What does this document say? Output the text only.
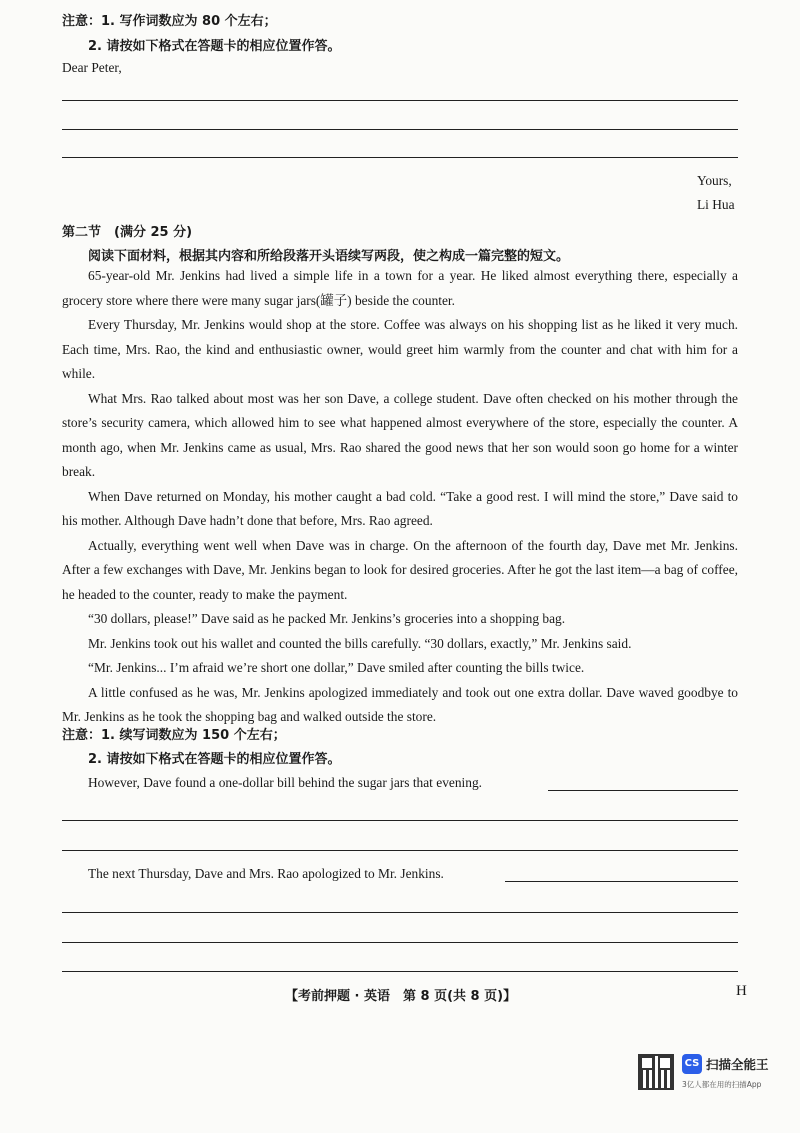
注意：1. 写作词数应为 80 个左右；
2. 请按如下格式在答题卡的相应位置作答。
Dear Peter,
Yours,
Li Hua
第二节　(满分 25 分)
阅读下面材料，根据其内容和所给段落开头语续写两段，使之构成一篇完整的短文。

65-year-old Mr. Jenkins had lived a simple life in a town for a year. He liked almost everything there, especially a grocery store where there were many sugar jars(罐子) beside the counter.

Every Thursday, Mr. Jenkins would shop at the store. Coffee was always on his shopping list as he liked it very much. Each time, Mrs. Rao, the kind and enthusiastic owner, would greet him warmly from the counter and chat with him for a while.

What Mrs. Rao talked about most was her son Dave, a college student. Dave often checked on his mother through the store’s security camera, which allowed him to see what happened almost everywhere of the store, especially the counter. A month ago, when Mr. Jenkins came as usual, Mrs. Rao shared the good news that her son would soon go home for a winter break.

When Dave returned on Monday, his mother caught a bad cold. “Take a good rest. I will mind the store,” Dave said to his mother. Although Dave hadn’t done that before, Mrs. Rao agreed.

Actually, everything went well when Dave was in charge. On the afternoon of the fourth day, Dave met Mr. Jenkins. After a few exchanges with Dave, Mr. Jenkins began to look for desired groceries. After he got the last item—a bag of coffee, he headed to the counter, ready to make the payment.

“30 dollars, please!” Dave said as he packed Mr. Jenkins’s groceries into a shopping bag.

Mr. Jenkins took out his wallet and counted the bills carefully. “30 dollars, exactly,” Mr. Jenkins said.

“Mr. Jenkins... I’m afraid we’re short one dollar,” Dave smiled after counting the bills twice.

A little confused as he was, Mr. Jenkins apologized immediately and took out one extra dollar. Dave waved goodbye to Mr. Jenkins as he took the shopping bag and walked outside the store.

注意：1. 续写词数应为 150 个左右；
2. 请按如下格式在答题卡的相应位置作答。
However, Dave found a one-dollar bill behind the sugar jars that evening.
The next Thursday, Dave and Mrs. Rao apologized to Mr. Jenkins.
【考前押题 · 英语　第 8 页(共 8 页)】	H
CS 扫描全能王
3亿人都在用的扫描App
